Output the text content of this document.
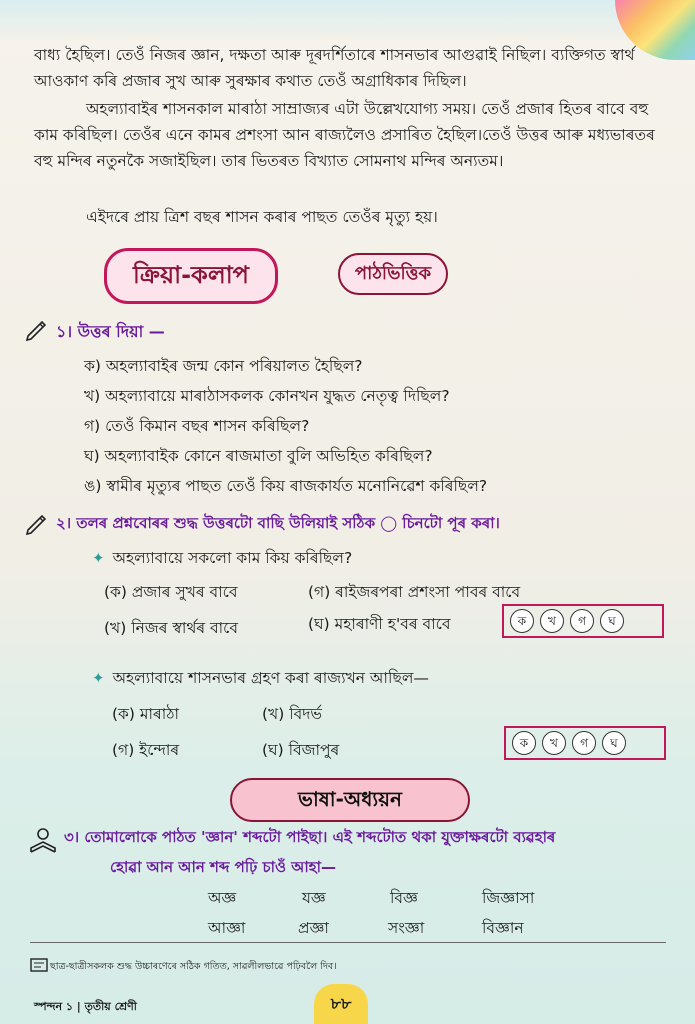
বাধ্য হৈছিল। তেওঁ নিজৰ জ্ঞান, দক্ষতা আৰু দূৰদৰ্শিতাৰে শাসনভাৰ আগুৱাই নিছিল। ব্যক্তিগত স্বাৰ্থ আওকাণ কৰি প্ৰজাৰ সুখ আৰু সুৰক্ষাৰ কথাত তেওঁ অগ্ৰাধিকাৰ দিছিল।

অহল্যাবাইৰ শাসনকাল মাৰাঠা সাম্ৰাজ্যৰ এটা উল্লেখযোগ্য সময়। তেওঁ প্ৰজাৰ হিতৰ বাবে বহু কাম কৰিছিল। তেওঁৰ এনে কামৰ প্ৰশংসা আন ৰাজ্যলৈও প্ৰসাৰিত হৈছিল।তেওঁ উত্তৰ আৰু মধ্যভাৰতৰ বহু মন্দিৰ নতুনকৈ সজাইছিল। তাৰ ভিতৰত বিখ্যাত সোমনাথ মন্দিৰ অন্যতম।

এইদৰে প্ৰায় ত্ৰিশ বছৰ শাসন কৰাৰ পাছত তেওঁৰ মৃত্যু হয়।

ক্ৰিয়া-কলাপ	পাঠভিত্তিক
১। উত্তৰ দিয়া —
ক) অহল্যাবাইৰ জন্ম কোন পৰিয়ালত হৈছিল?
খ) অহল্যাবায়ে মাৰাঠাসকলক কোনখন যুদ্ধত নেতৃত্ব দিছিল?
গ) তেওঁ কিমান বছৰ শাসন কৰিছিল?
ঘ) অহল্যাবাইক কোনে ৰাজমাতা বুলি অভিহিত কৰিছিল?
ঙ) স্বামীৰ মৃত্যুৰ পাছত তেওঁ কিয় ৰাজকাৰ্যত মনোনিৱেশ কৰিছিল?
২। তলৰ প্ৰশ্নবোৰৰ শুদ্ধ উত্তৰটো বাছি উলিয়াই সঠিক ◯ চিনটো পূৰ কৰা।
✦ অহল্যাবায়ে সকলো কাম কিয় কৰিছিল?
(ক) প্ৰজাৰ সুখৰ বাবে	(গ) ৰাইজৰপৰা প্ৰশংসা পাবৰ বাবে
(খ) নিজৰ স্বাৰ্থৰ বাবে	(ঘ) মহাৰাণী হ'বৰ বাবে	ক	খ	গ	ঘ
✦ অহল্যাবায়ে শাসনভাৰ গ্ৰহণ কৰা ৰাজ্যখন আছিল—
(ক) মাৰাঠা	(খ) বিদৰ্ভ
(গ) ইন্দোৰ	(ঘ) বিজাপুৰ	ক	খ	গ	ঘ
ভাষা-অধ্যয়ন
৩। তোমালোকে পাঠত 'জ্ঞান' শব্দটো পাইছা। এই শব্দটোত থকা যুক্তাক্ষৰটো ব্যৱহাৰ
হোৱা আন আন শব্দ পঢ়ি চাওঁ আহা—
অজ্ঞ	যজ্ঞ	বিজ্ঞ	জিজ্ঞাসা
আজ্ঞা	প্ৰজ্ঞা	সংজ্ঞা	বিজ্ঞান
ছাত্ৰ-ছাত্ৰীসকলক শুদ্ধ উচ্চাৰণেৰে সঠিক গতিত, সাৱলীলভাৱে পঢ়িবলৈ দিব।
স্পন্দন ১ | তৃতীয় শ্ৰেণী	৮৮
